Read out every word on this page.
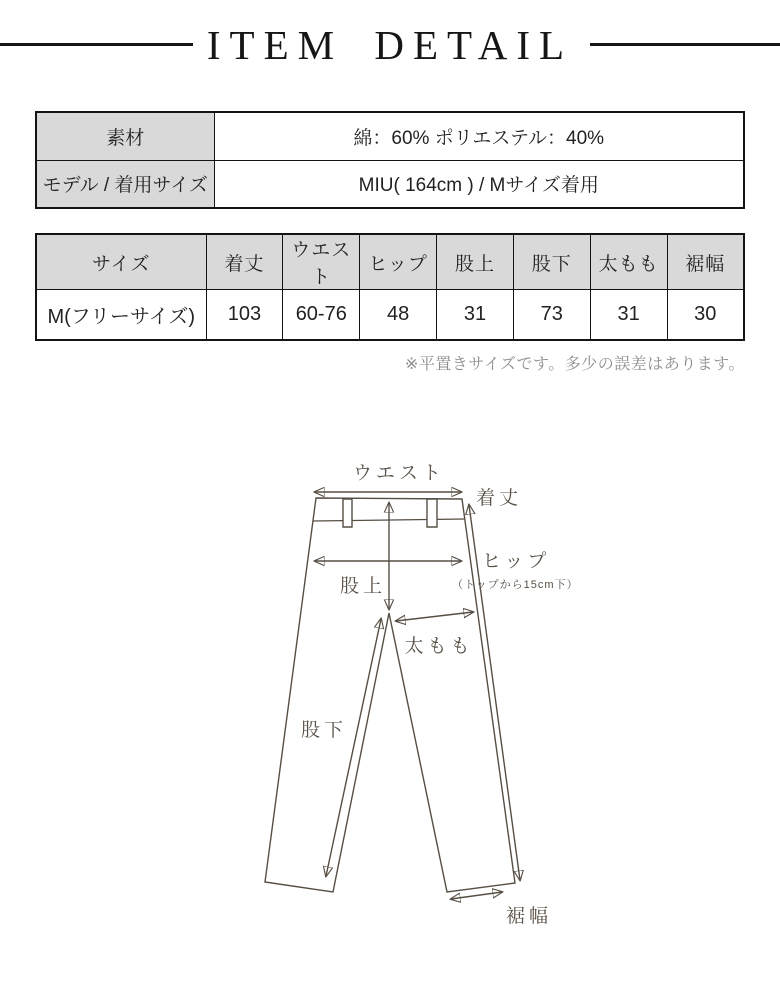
ITEM DETAIL
素材	綿：60% ポリエステル：40%
モデル / 着用サイズ	MIU( 164cm ) / Mサイズ着用
サイズ	着丈	ウエスト	ヒップ	股上	股下	太もも	裾幅
M(フリーサイズ)	103	60-76	48	31	73	31	30

※平置きサイズです。多少の誤差はあります。

ウエスト
着丈
ヒップ
（トップから15cm下）
股上
太もも
股下
裾幅
